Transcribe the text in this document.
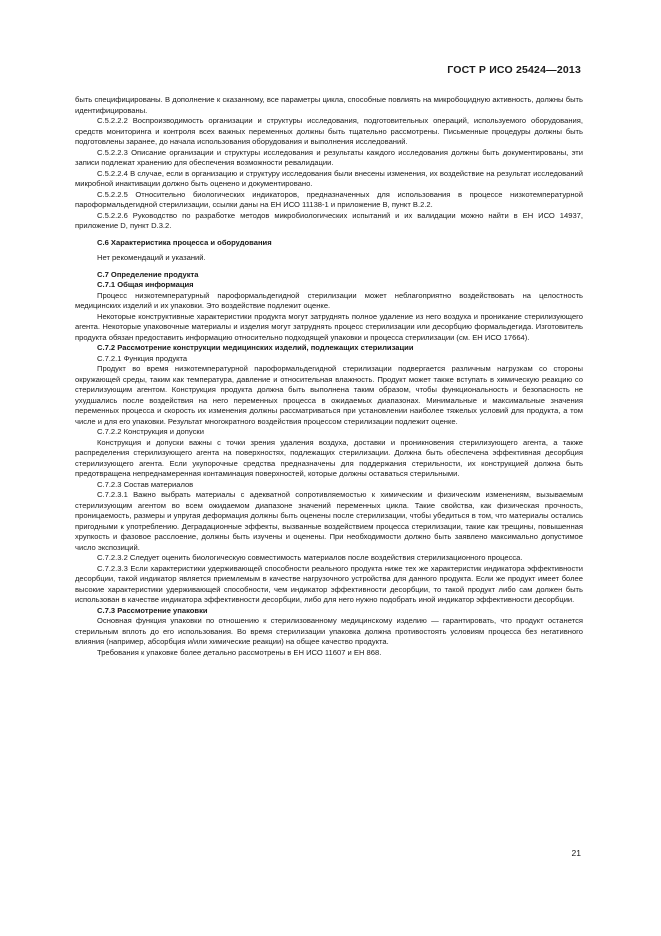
ГОСТ Р ИСО 25424—2013

быть специфицированы. В дополнение к сказанному, все параметры цикла, способные повлиять на микробоцидную активность, должны быть идентифицированы.

С.5.2.2.2 Воспроизводимость организации и структуры исследования, подготовительных операций, используемого оборудования, средств мониторинга и контроля всех важных переменных должны быть тщательно рассмотрены. Письменные процедуры должны быть подготовлены заранее, до начала использования оборудования и выполнения исследований.

С.5.2.2.3 Описание организации и структуры исследования и результаты каждого исследования должны быть документированы, эти записи подлежат хранению для обеспечения возможности ревалидации.

С.5.2.2.4 В случае, если в организацию и структуру исследования были внесены изменения, их воздействие на результат исследований микробной инактивации должно быть оценено и документировано.

С.5.2.2.5 Относительно биологических индикаторов, предназначенных для использования в процессе низкотемпературной парoформальдегидной стерилизации, ссылки даны на ЕН ИСО 11138-1 и приложение В, пункт В.2.2.

С.5.2.2.6 Руководство по разработке методов микробиологических испытаний и их валидации можно найти в ЕН ИСО 14937, приложение D, пункт D.3.2.

С.6 Характеристика процесса и оборудования

Нет рекомендаций и указаний.

С.7 Определение продукта

С.7.1 Общая информация

Процесс низкотемпературный парoформальдегидной стерилизации может неблагоприятно воздействовать на целостность медицинских изделий и их упаковки. Это воздействие подлежит оценке.

Некоторые конструктивные характеристики продукта могут затруднять полное удаление из него воздуха и проникание стерилизующего агента. Некоторые упаковочные материалы и изделия могут затруднять процесс стерилизации или десорбцию формальдегида. Изготовитель продукта обязан предоставить информацию относительно подходящей упаковки и процесса стерилизации (см. ЕН ИСО 17664).

С.7.2 Рассмотрение конструкции медицинских изделий, подлежащих стерилизации

С.7.2.1 Функция продукта

Продукт во время низкотемпературной парoформальдегидной стерилизации подвергается различным нагрузкам со стороны окружающей среды, таким как температура, давление и относительная влажность. Продукт может также вступать в химическую реакцию со стерилизующим агентом. Конструкция продукта должна быть выполнена таким образом, чтобы функциональность и безопасность не ухудшались после воздействия на него переменных процесса в ожидаемых диапазонах. Минимальные и максимальные значения переменных процесса и скорость их изменения должны рассматриваться при установлении наиболее тяжелых условий для продукта, а том числе и для его упаковки. Результат многократного воздействия процессом стерилизации подлежит оценке.

С.7.2.2 Конструкция и допуски

Конструкция и допуски важны с точки зрения удаления воздуха, доставки и проникновения стерилизующего агента, а также распределения стерилизующего агента на поверхностях, подлежащих стерилизации. Должна быть обеспечена эффективная десорбция стерилизующего агента. Если укупорочные средства предназначены для поддержания стерильности, их конструкцией должна быть предотвращена непреднамеренная контаминация поверхностей, которые должны оставаться стерильными.

С.7.2.3 Состав материалов

С.7.2.3.1 Важно выбрать материалы с адекватной сопротивляемостью к химическим и физическим изменениям, вызываемым стерилизующим агентом во всем ожидаемом диапазоне значений переменных цикла. Такие свойства, как физическая прочность, проницаемость, размеры и упругая деформация должны быть оценены после стерилизации, чтобы убедиться в том, что материалы остались пригодными к употреблению. Деградационные эффекты, вызванные воздействием процесса стерилизации, такие как трещины, повышенная хрупкость и фазовое расслоение, должны быть изучены и оценены. При необходимости должно быть заявлено максимально допустимое число экспозиций.

С.7.2.3.2 Следует оценить биологическую совместимость материалов после воздействия стерилизационного процесса.

С.7.2.3.3 Если характеристики удерживающей способности реального продукта ниже тех же характеристик индикатора эффективности десорбции, такой индикатор является приемлемым в качестве нагрузочного устройства для данного продукта. Если же продукт имеет более высокие характеристики удерживающей способности, чем индикатор эффективности десорбции, то такой продукт либо сам должен быть использован в качестве индикатора эффективности десорбции, либо для него нужно подобрать иной индикатор эффективности десорбции.

С.7.3 Рассмотрение упаковки

Основная функция упаковки по отношению к стерилизованному медицинскому изделию — гарантировать, что продукт останется стерильным вплоть до его использования. Во время стерилизации упаковка должна противостоять условиям процесса без негативного влияния (например, абсорбция и/или химические реакции) на общее качество продукта.

Требования к упаковке более детально рассмотрены в ЕН ИСО 11607 и ЕН 868.

21
